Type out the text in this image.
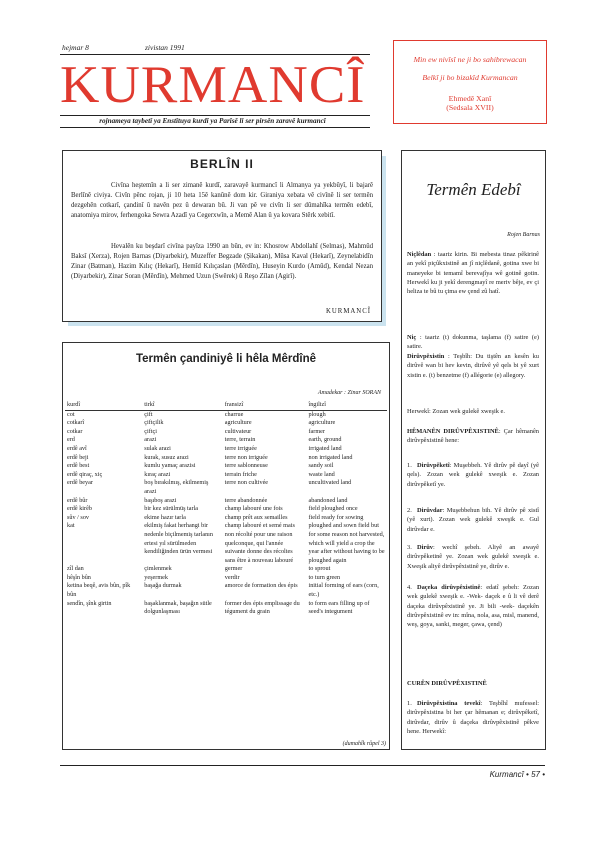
hejmar 8	zivistan 1991
KURMANCÎ
rojnameya taybetî ya Enstîtuya kurdî ya Parîsê li ser pirsên zaravê kurmancî
Min ew nivîsî ne ji bo sahibrewacan
Belkî ji bo bizakîd Kurmancan
Ehmedê Xanî
(Sedsala XVII)
BERLÎN II

Civîna heştemîn a li ser zimanê kurdî, zaravayê kurmancî li Almanya ya yekbûyî, li bajarê Berlînê civiya. Civîn pênc rojan, ji 10 heta 15ê kanûnê dom kir. Giraniya xebata vê civînê li ser termên dezgehên cotkarî, çandinî û navên pez û dewaran bû. Ji van pê ve civîn li ser dûmahîka termên edebî, anatomiya mirov, ferhengoka Sewra Azadî ya Cegerxwîn, a Memê Alan û ya kovara Stêrk xebitî.

Hevalên ku beşdarî civîna payîza 1990 an bûn, ev in: Khosrow Abdollahî (Selmas), Mahmûd Baksî (Xerza), Rojen Barnas (Diyarbekir), Muzeffer Begzade (Şikakan), Mûsa Kaval (Hekarî), Zeynelabidîn Zinar (Batman), Hazim Kılıç (Hekarî), Hemîd Kılıçaslan (Mêrdîn), Huseyin Kurdo (Amûd), Kendal Nezan (Diyarbekir), Zinar Soran (Mêrdîn), Mehmed Uzun (Swêrek) û Reşo Zîlan (Agirî).

KURMANCÎ
Termên çandiniyê li hêla Mêrdînê
Amadekar : Zinar SORAN
kurdî	tirkî	fransizî	îngilizî
cot	çift	charrue	plough
cotkarî	çiftçilik	agriculture	agriculture
cotkar	çiftçi	cultivateur	farmer
erd	arazi	terre, terrain	earth, ground
erdê avî	sulak arazi	terre irriguée	irrigated land
erdê beji	kurak, susuz arazi	terre non irriguée	non irrigated land
erdê best	kumlu yamaç arazisi	terre sablonneuse	sandy soil
erdê qiraç, xiç	kıraç arazi	terrain friche	waste land
erdê beyar	boş bırakılmış, ekilmemiş arazi	terre non cultivée	uncultivated land
erdê bûr	başıboş arazi	terre abandonnée	abandoned land
erdê kirêb	bir kez sürülmüş tarla	champ labouré une fois	field ploughed once
sûv / sov	ekime hazır tarla	champ prêt aux semailles	field ready for sowing
kat	ekilmiş fakat herhangi bir nedenle biçilmemiş tarlanın ertesi yıl sürülmeden kendiliğinden ürün vermesi	champ labouré et semé mais non récolté pour une raison quelconque, qui l'année suivante donne des récoltes sans être à nouveau labouré	ploughed and sown field but for some reason not harvested, which will yield a crop the year after without having to be ploughed again
zîl dan	çimlenmek	germer	to sprout
hêşîn bûn	yeşermek	verdir	to turn green
ketina beqê, avis bûn, pîk bûn	başağa durmak	amorce de formation des épis	initial forming of ears (corn, etc.)
sendîn, şînk girtin	başaklanmak, başağın sütle dolgunlaşması	former des épis emplissage du tégument du grain	to form ears filling up of seed's integument
(dumahîk rûpel 3)
Termên Edebî
Rojen Barnas
Niçlêdan : taariz kirin. Bi mebesta tinaz pêkirinê an yekî piçûkxistinê an jî niçlêdanê, gotina xwe bi maneyeke bi temamî berevajîya wê gotinê gotin. Herwekî ku ji yekî derengmayî re meriv bêje, ev çi heliza te bû tu çima ew çend zû hatî.
Niç : taariz (t) dokunma, taşlama (f) satire (e) satire.
Dirûvpêxistin : Teşbîh: Du tiştên an kesên ku dirûvê wan bi hev kevin, dirûvê yê qels bi yê xurt xistin e. (t) benzetme (f) allégorie (e) allegory.
Herwekî: Zozan wek gulekê xweşik e.
HÊMANÊN DIRÛVPÊXISTINÊ: Çar hêmanên dirûvpêxistinê hene:
1. Dirûvpêketî: Muşebbeh. Yê dirûv pê dayî (yê qels). Zozan wek gulekê xweşik e. Zozan dirûvpêketî ye.
2. Dirûvdar: Muşebbehun bih. Yê dirûv pê xistî (yê xurt). Zozan wek gulekê xweşik e. Gul dirûvdar e.
3. Dirûv: wechî şebeh. Aliyê an awayê dirûvpêketinê ye. Zozan wek gulekê xweşik e. Xweşik aliyê dirûvpêxistinê ye, dirûv e.
4. Daçeka dirûvpêxistinê: edatî şebeh: Zozan wek gulekê xweşik e. -Wek- daçek e û li vê derê daçeka dirûvpêxistinê ye. Ji bili -wek- daçekên dirûvpêxistinê ev in: mîna, nola, asa, misl, manend, weş, goya, sanki, meger, çawa, çend)
CURÊN DIRÛVPÊXISTINÊ
1. Dirûvpêxistina tevekî: Teşbîhî mufessel: dirûvpêxistina bi her çar hêmanan e; dirûvpêketî, dirûvdar, dirûv û daçeka dirûvpêxistinê pêkve hene. Herwekî:
Kurmancî • 57 •
